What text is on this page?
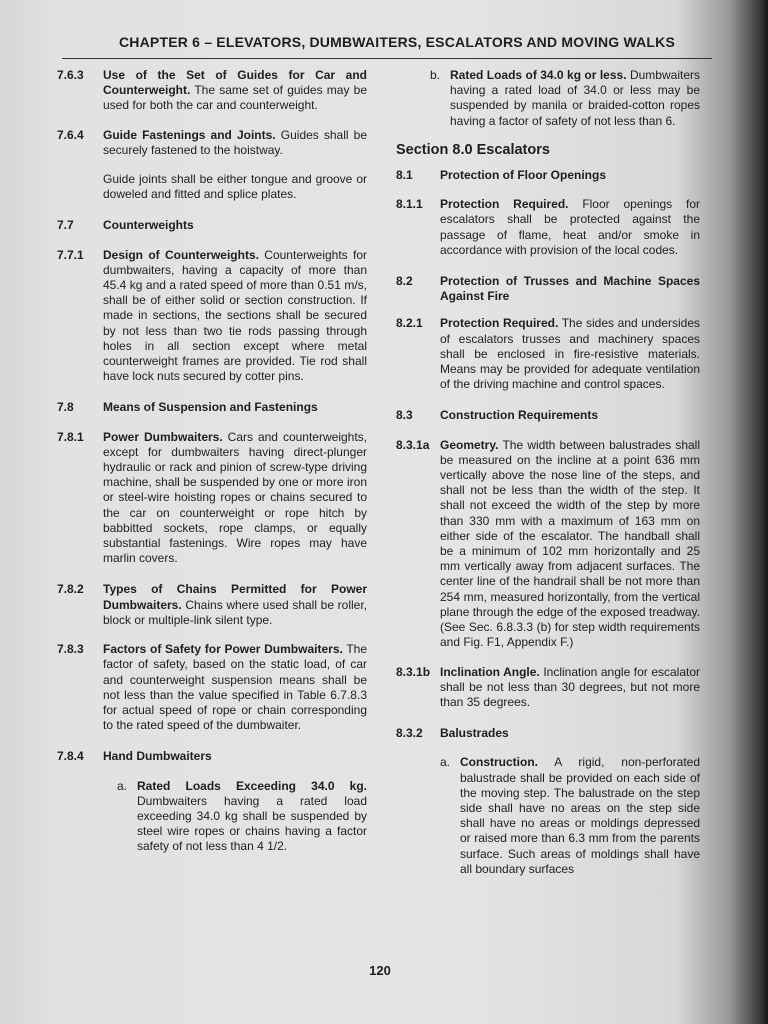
CHAPTER 6 – ELEVATORS, DUMBWAITERS, ESCALATORS AND MOVING WALKS
7.6.3	Use of the Set of Guides for Car and Counterweight. The same set of guides may be used for both the car and counterweight.
7.6.4	Guide Fastenings and Joints. Guides shall be securely fastened to the hoistway.

Guide joints shall be either tongue and groove or doweled and fitted and splice plates.

7.7	Counterweights
7.7.1	Design of Counterweights. Counterweights for dumbwaiters, having a capacity of more than 45.4 kg and a rated speed of more than 0.51 m/s, shall be of either solid or section construction. If made in sections, the sections shall be secured by not less than two tie rods passing through holes in all section except where metal counterweight frames are provided. Tie rod shall have lock nuts secured by cotter pins.
7.8	Means of Suspension and Fastenings
7.8.1	Power Dumbwaiters. Cars and counterweights, except for dumbwaiters having direct-plunger hydraulic or rack and pinion of screw-type driving machine, shall be suspended by one or more iron or steel-wire hoisting ropes or chains secured to the car on counterweight or rope hitch by babbitted sockets, rope clamps, or equally substantial fastenings. Wire ropes may have marlin covers.
7.8.2	Types of Chains Permitted for Power Dumbwaiters. Chains where used shall be roller, block or multiple-link silent type.
7.8.3	Factors of Safety for Power Dumbwaiters. The factor of safety, based on the static load, of car and counterweight suspension means shall be not less than the value specified in Table 6.7.8.3 for actual speed of rope or chain corresponding to the rated speed of the dumbwaiter.
7.8.4	Hand Dumbwaiters
a. Rated Loads Exceeding 34.0 kg. Dumbwaiters having a rated load exceeding 34.0 kg shall be suspended by steel wire ropes or chains having a factor safety of not less than 4 1/2.
b. Rated Loads of 34.0 kg or less. Dumbwaiters having a rated load of 34.0 or less may be suspended by manila or braided-cotton ropes having a factor of safety of not less than 6.

Section 8.0 Escalators

8.1	Protection of Floor Openings
8.1.1	Protection Required. Floor openings for escalators shall be protected against the passage of flame, heat and/or smoke in accordance with provision of the local codes.
8.2	Protection of Trusses and Machine Spaces Against Fire
8.2.1	Protection Required. The sides and undersides of escalators trusses and machinery spaces shall be enclosed in fire-resistive materials. Means may be provided for adequate ventilation of the driving machine and control spaces.
8.3	Construction Requirements
8.3.1a Geometry. The width between balustrades shall be measured on the incline at a point 636 mm vertically above the nose line of the steps, and shall not be less than the width of the step. It shall not exceed the width of the step by more than 330 mm with a maximum of 163 mm on either side of the escalator. The handball shall be a minimum of 102 mm horizontally and 25 mm vertically away from adjacent surfaces. The center line of the handrail shall be not more than 254 mm, measured horizontally, from the vertical plane through the edge of the exposed treadway. (See Sec. 6.8.3.3 (b) for step width requirements and Fig. F1, Appendix F.)
8.3.1b Inclination Angle. Inclination angle for escalator shall be not less than 30 degrees, but not more than 35 degrees.
8.3.2	Balustrades
a. Construction. A rigid, non-perforated balustrade shall be provided on each side of the moving step. The balustrade on the step side shall have no areas on the step side shall have no areas or moldings depressed or raised more than 6.3 mm from the parents surface. Such areas of moldings shall have all boundary surfaces
120
